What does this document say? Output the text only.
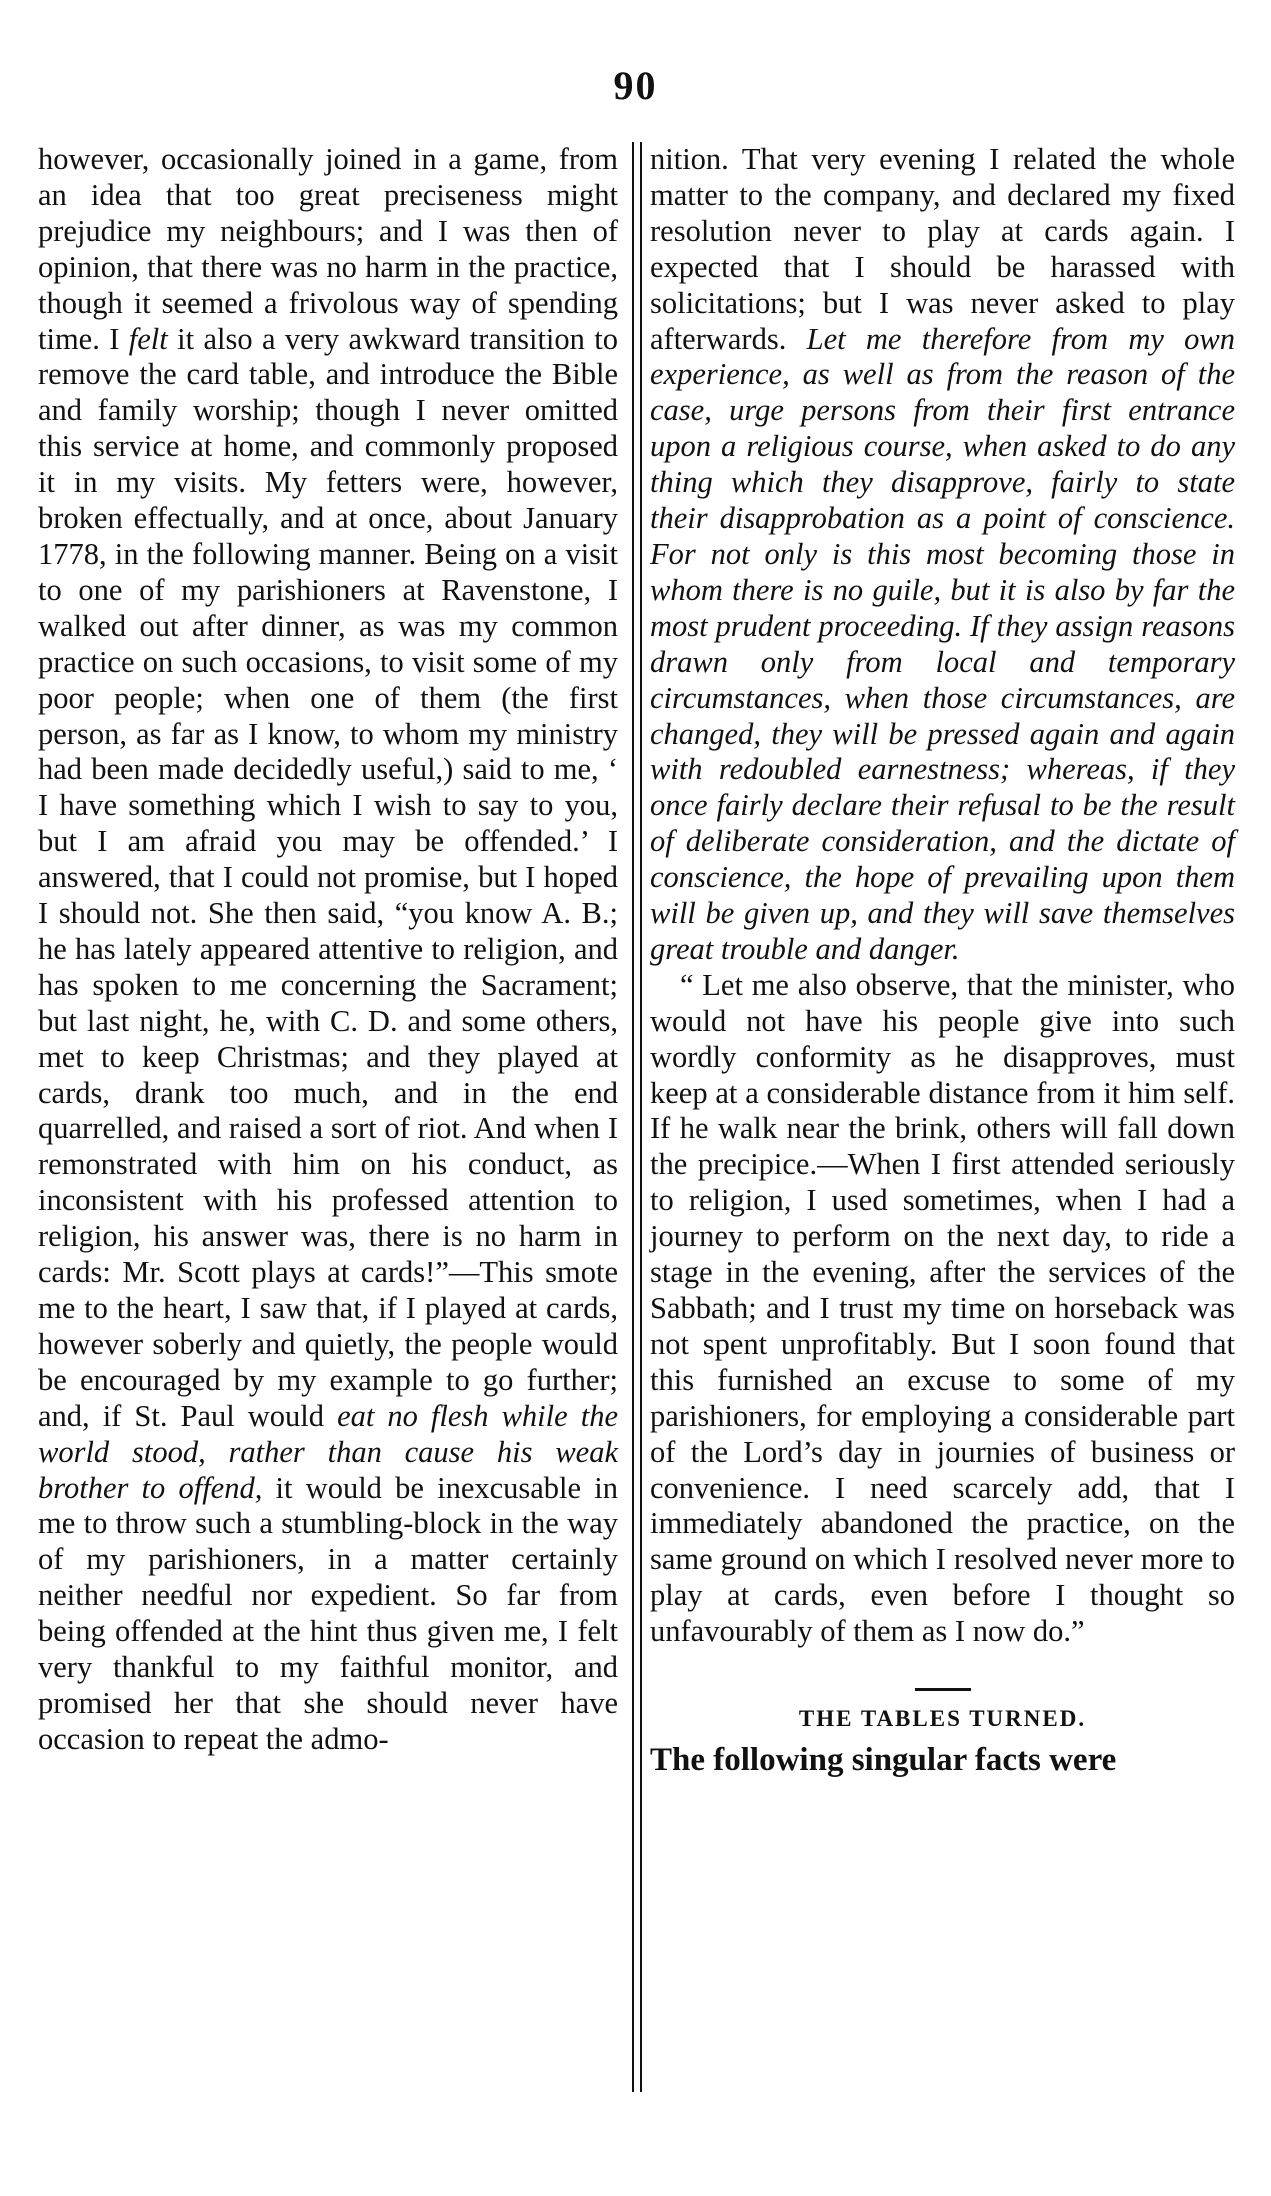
90

however, occasionally joined in a game, from an idea that too great preciseness might prejudice my neighbours; and I was then of opinion, that there was no harm in the practice, though it seemed a frivolous way of spending time. I felt it also a very awkward transition to remove the card table, and introduce the Bible and family worship; though I never omitted this service at home, and commonly proposed it in my visits. My fetters were, however, broken effectually, and at once, about January 1778, in the following manner. Being on a visit to one of my parishioners at Ravenstone, I walked out after dinner, as was my common practice on such occasions, to visit some of my poor people; when one of them (the first person, as far as I know, to whom my ministry had been made decidedly useful,) said to me, ‘ I have something which I wish to say to you, but I am afraid you may be offended.’ I answered, that I could not promise, but I hoped I should not. She then said, “you know A. B.; he has lately appeared attentive to religion, and has spoken to me concerning the Sacrament; but last night, he, with C. D. and some others, met to keep Christmas; and they played at cards, drank too much, and in the end quarrelled, and raised a sort of riot. And when I remonstrated with him on his conduct, as inconsistent with his professed attention to religion, his answer was, there is no harm in cards: Mr. Scott plays at cards!”—This smote me to the heart, I saw that, if I played at cards, however soberly and quietly, the people would be encouraged by my example to go further; and, if St. Paul would eat no flesh while the world stood, rather than cause his weak brother to offend, it would be inexcusable in me to throw such a stumbling-block in the way of my parishioners, in a matter certainly neither needful nor expedient. So far from being offended at the hint thus given me, I felt very thankful to my faithful monitor, and promised her that she should never have occasion to repeat the admo-

nition. That very evening I related the whole matter to the company, and declared my fixed resolution never to play at cards again. I expected that I should be harassed with solicitations; but I was never asked to play afterwards. Let me therefore from my own experience, as well as from the reason of the case, urge persons from their first entrance upon a religious course, when asked to do any thing which they disapprove, fairly to state their disapprobation as a point of conscience. For not only is this most becoming those in whom there is no guile, but it is also by far the most prudent proceeding. If they assign reasons drawn only from local and temporary circumstances, when those circumstances, are changed, they will be pressed again and again with redoubled earnestness; whereas, if they once fairly declare their refusal to be the result of deliberate consideration, and the dictate of conscience, the hope of prevailing upon them will be given up, and they will save themselves great trouble and danger.

“ Let me also observe, that the minister, who would not have his people give into such wordly conformity as he disapproves, must keep at a considerable distance from it him self. If he walk near the brink, others will fall down the precipice.—When I first attended seriously to religion, I used sometimes, when I had a journey to perform on the next day, to ride a stage in the evening, after the services of the Sabbath; and I trust my time on horseback was not spent unprofitably. But I soon found that this furnished an excuse to some of my parishioners, for employing a considerable part of the Lord’s day in journies of business or convenience. I need scarcely add, that I immediately abandoned the practice, on the same ground on which I resolved never more to play at cards, even before I thought so unfavourably of them as I now do.”

THE TABLES TURNED.

The following singular facts were
